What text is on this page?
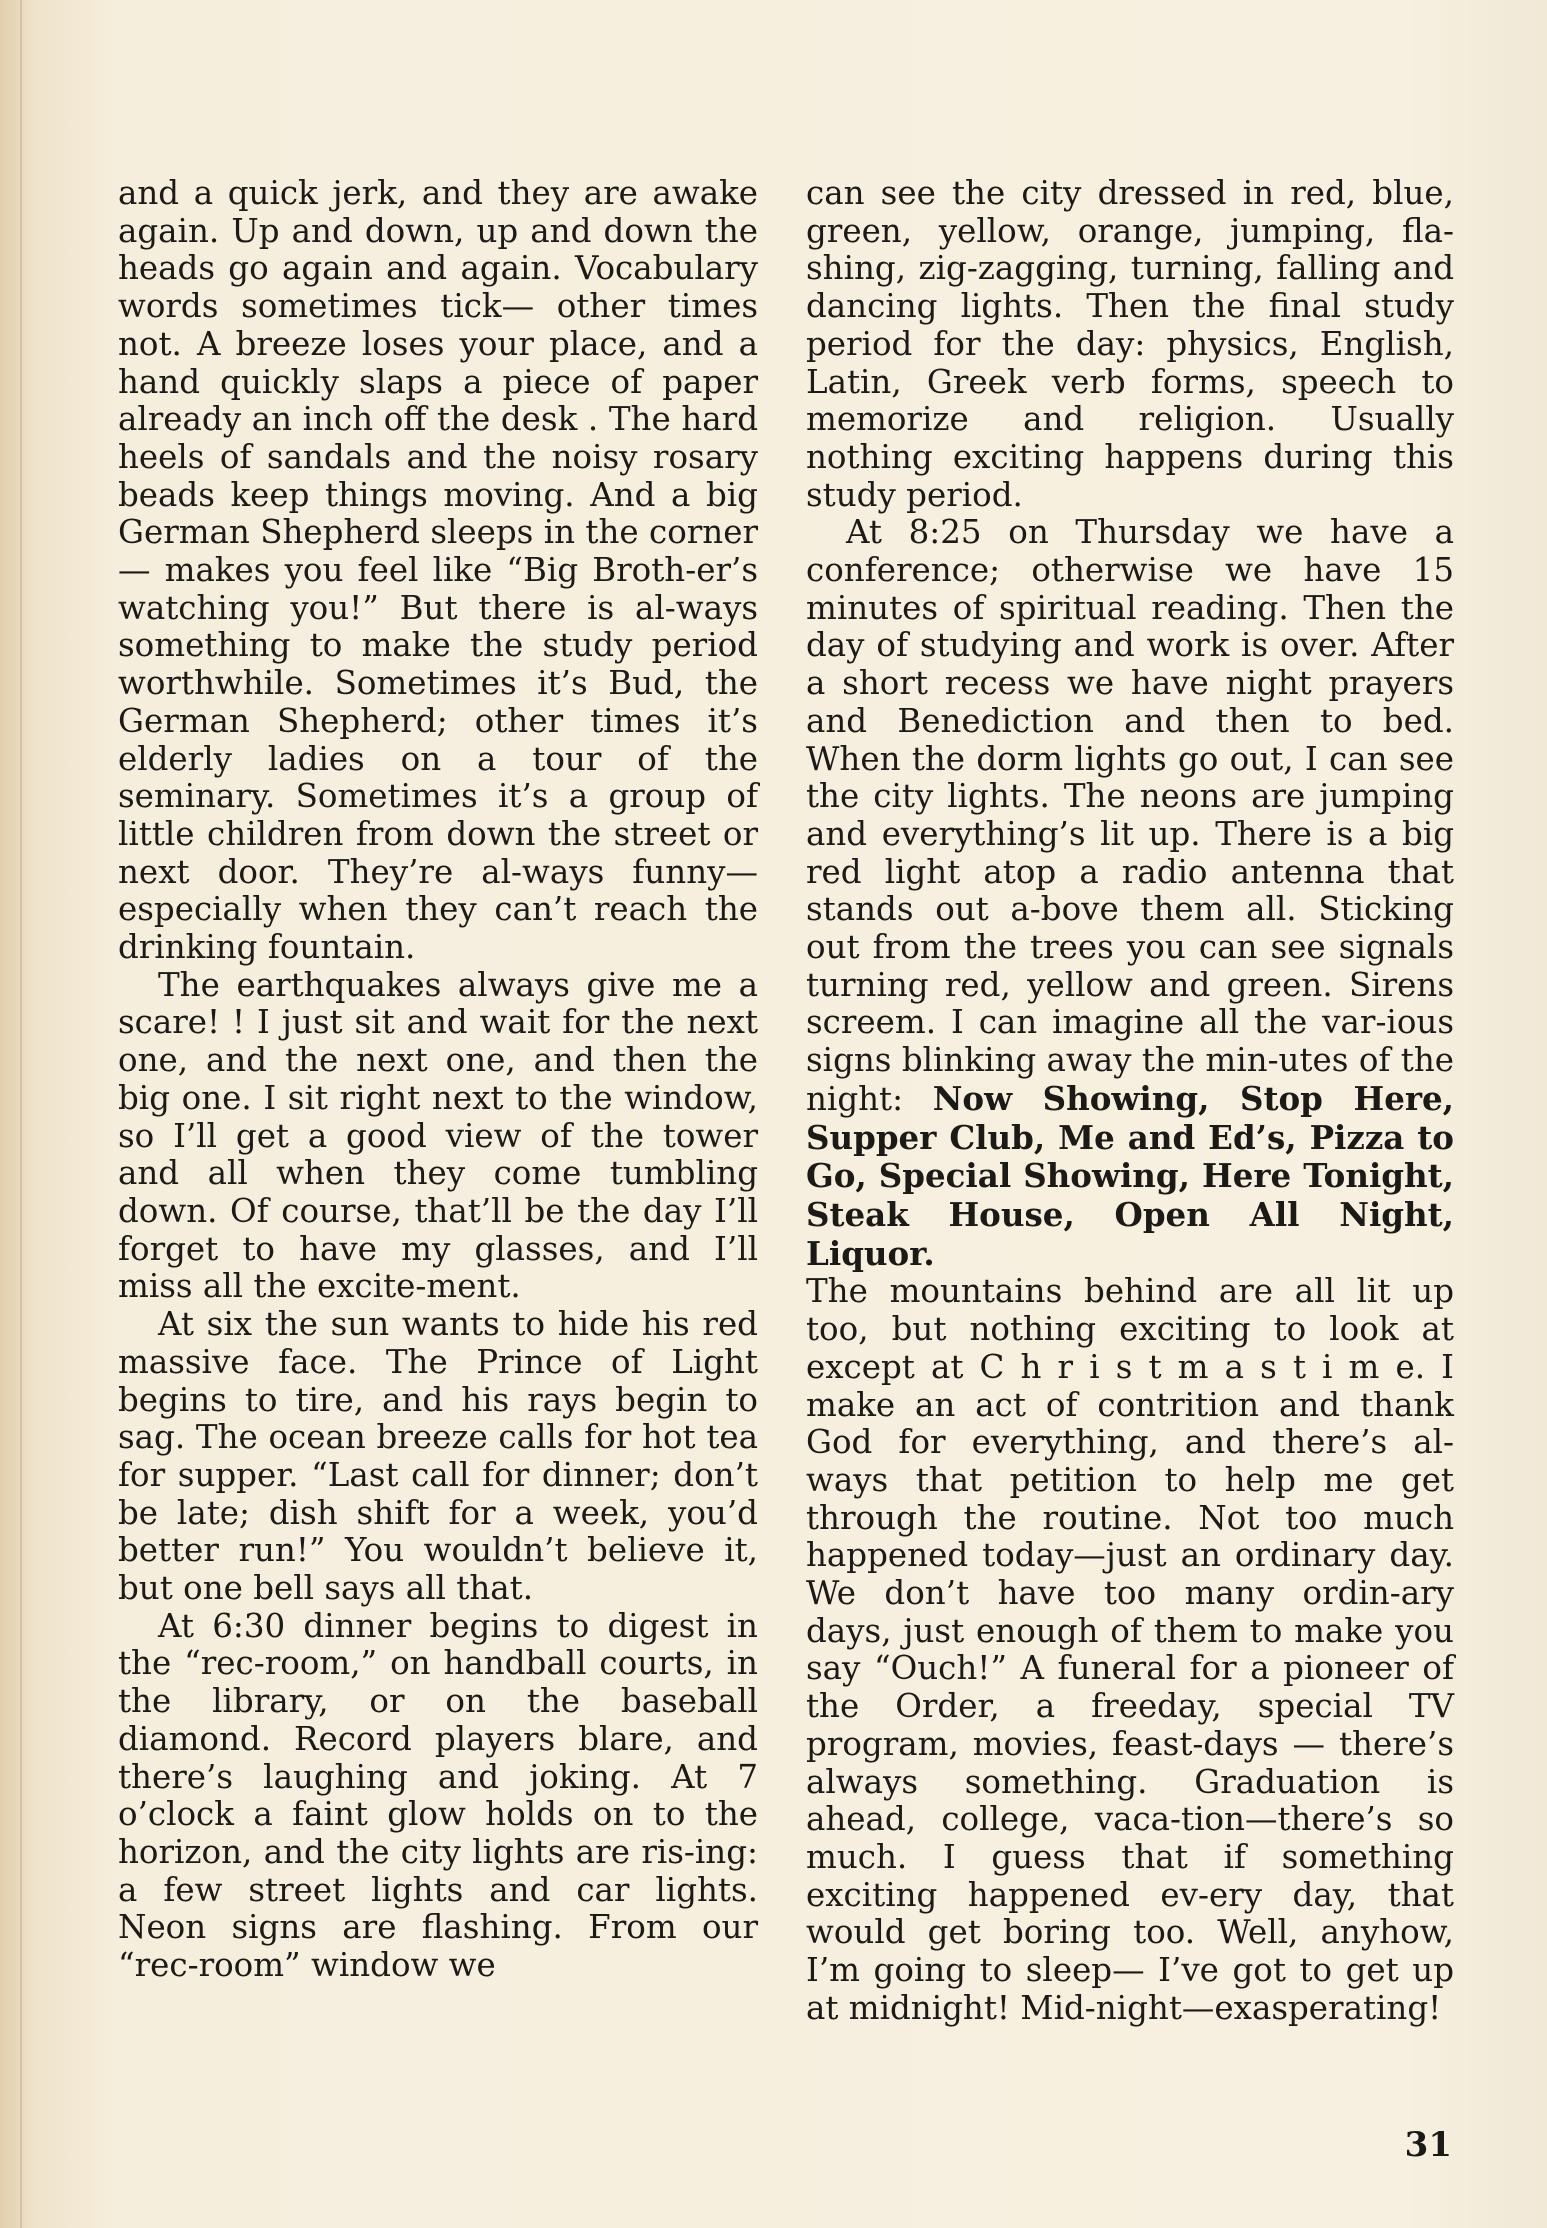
and a quick jerk, and they are awake again. Up and down, up and down the heads go again and again. Vocabulary words sometimes tick— other times not. A breeze loses your place, and a hand quickly slaps a piece of paper already an inch off the desk . The hard heels of sandals and the noisy rosary beads keep things moving. And a big German Shepherd sleeps in the corner— makes you feel like “Big Broth-er’s watching you!” But there is al-ways something to make the study period worthwhile. Sometimes it’s Bud, the German Shepherd; other times it’s elderly ladies on a tour of the seminary. Sometimes it’s a group of little children from down the street or next door. They’re al-ways funny—especially when they can’t reach the drinking fountain.

The earthquakes always give me a scare! ! I just sit and wait for the next one, and the next one, and then the big one. I sit right next to the window, so I’ll get a good view of the tower and all when they come tumbling down. Of course, that’ll be the day I’ll forget to have my glasses, and I’ll miss all the excite-ment.

At six the sun wants to hide his red massive face. The Prince of Light begins to tire, and his rays begin to sag. The ocean breeze calls for hot tea for supper. “Last call for dinner; don’t be late; dish shift for a week, you’d better run!” You wouldn’t believe it, but one bell says all that.

At 6:30 dinner begins to digest in the “rec-room,” on handball courts, in the library, or on the baseball diamond. Record players blare, and there’s laughing and joking. At 7 o’clock a faint glow holds on to the horizon, and the city lights are ris-ing: a few street lights and car lights. Neon signs are flashing. From our “rec-room” window we

can see the city dressed in red, blue, green, yellow, orange, jumping, fla-shing, zig-zagging, turning, falling and dancing lights. Then the final study period for the day: physics, English, Latin, Greek verb forms, speech to memorize and religion. Usually nothing exciting happens during this study period.

At 8:25 on Thursday we have a conference; otherwise we have 15 minutes of spiritual reading. Then the day of studying and work is over. After a short recess we have night prayers and Benediction and then to bed. When the dorm lights go out, I can see the city lights. The neons are jumping and everything’s lit up. There is a big red light atop a radio antenna that stands out a-bove them all. Sticking out from the trees you can see signals turning red, yellow and green. Sirens screem. I can imagine all the var-ious signs blinking away the min-utes of the night: Now Showing, Stop Here, Supper Club, Me and Ed’s, Pizza to Go, Special Showing, Here Tonight, Steak House, Open All Night, Liquor.

The mountains behind are all lit up too, but nothing exciting to look at except at C h r i s t m a s t i m e. I make an act of contrition and thank God for everything, and there’s al-ways that petition to help me get through the routine. Not too much happened today—just an ordinary day. We don’t have too many ordin-ary days, just enough of them to make you say “Ouch!” A funeral for a pioneer of the Order, a freeday, special TV program, movies, feast-days — there’s always something. Graduation is ahead, college, vaca-tion—there’s so much. I guess that if something exciting happened ev-ery day, that would get boring too. Well, anyhow, I’m going to sleep— I’ve got to get up at midnight! Mid-night—exasperating!

31
